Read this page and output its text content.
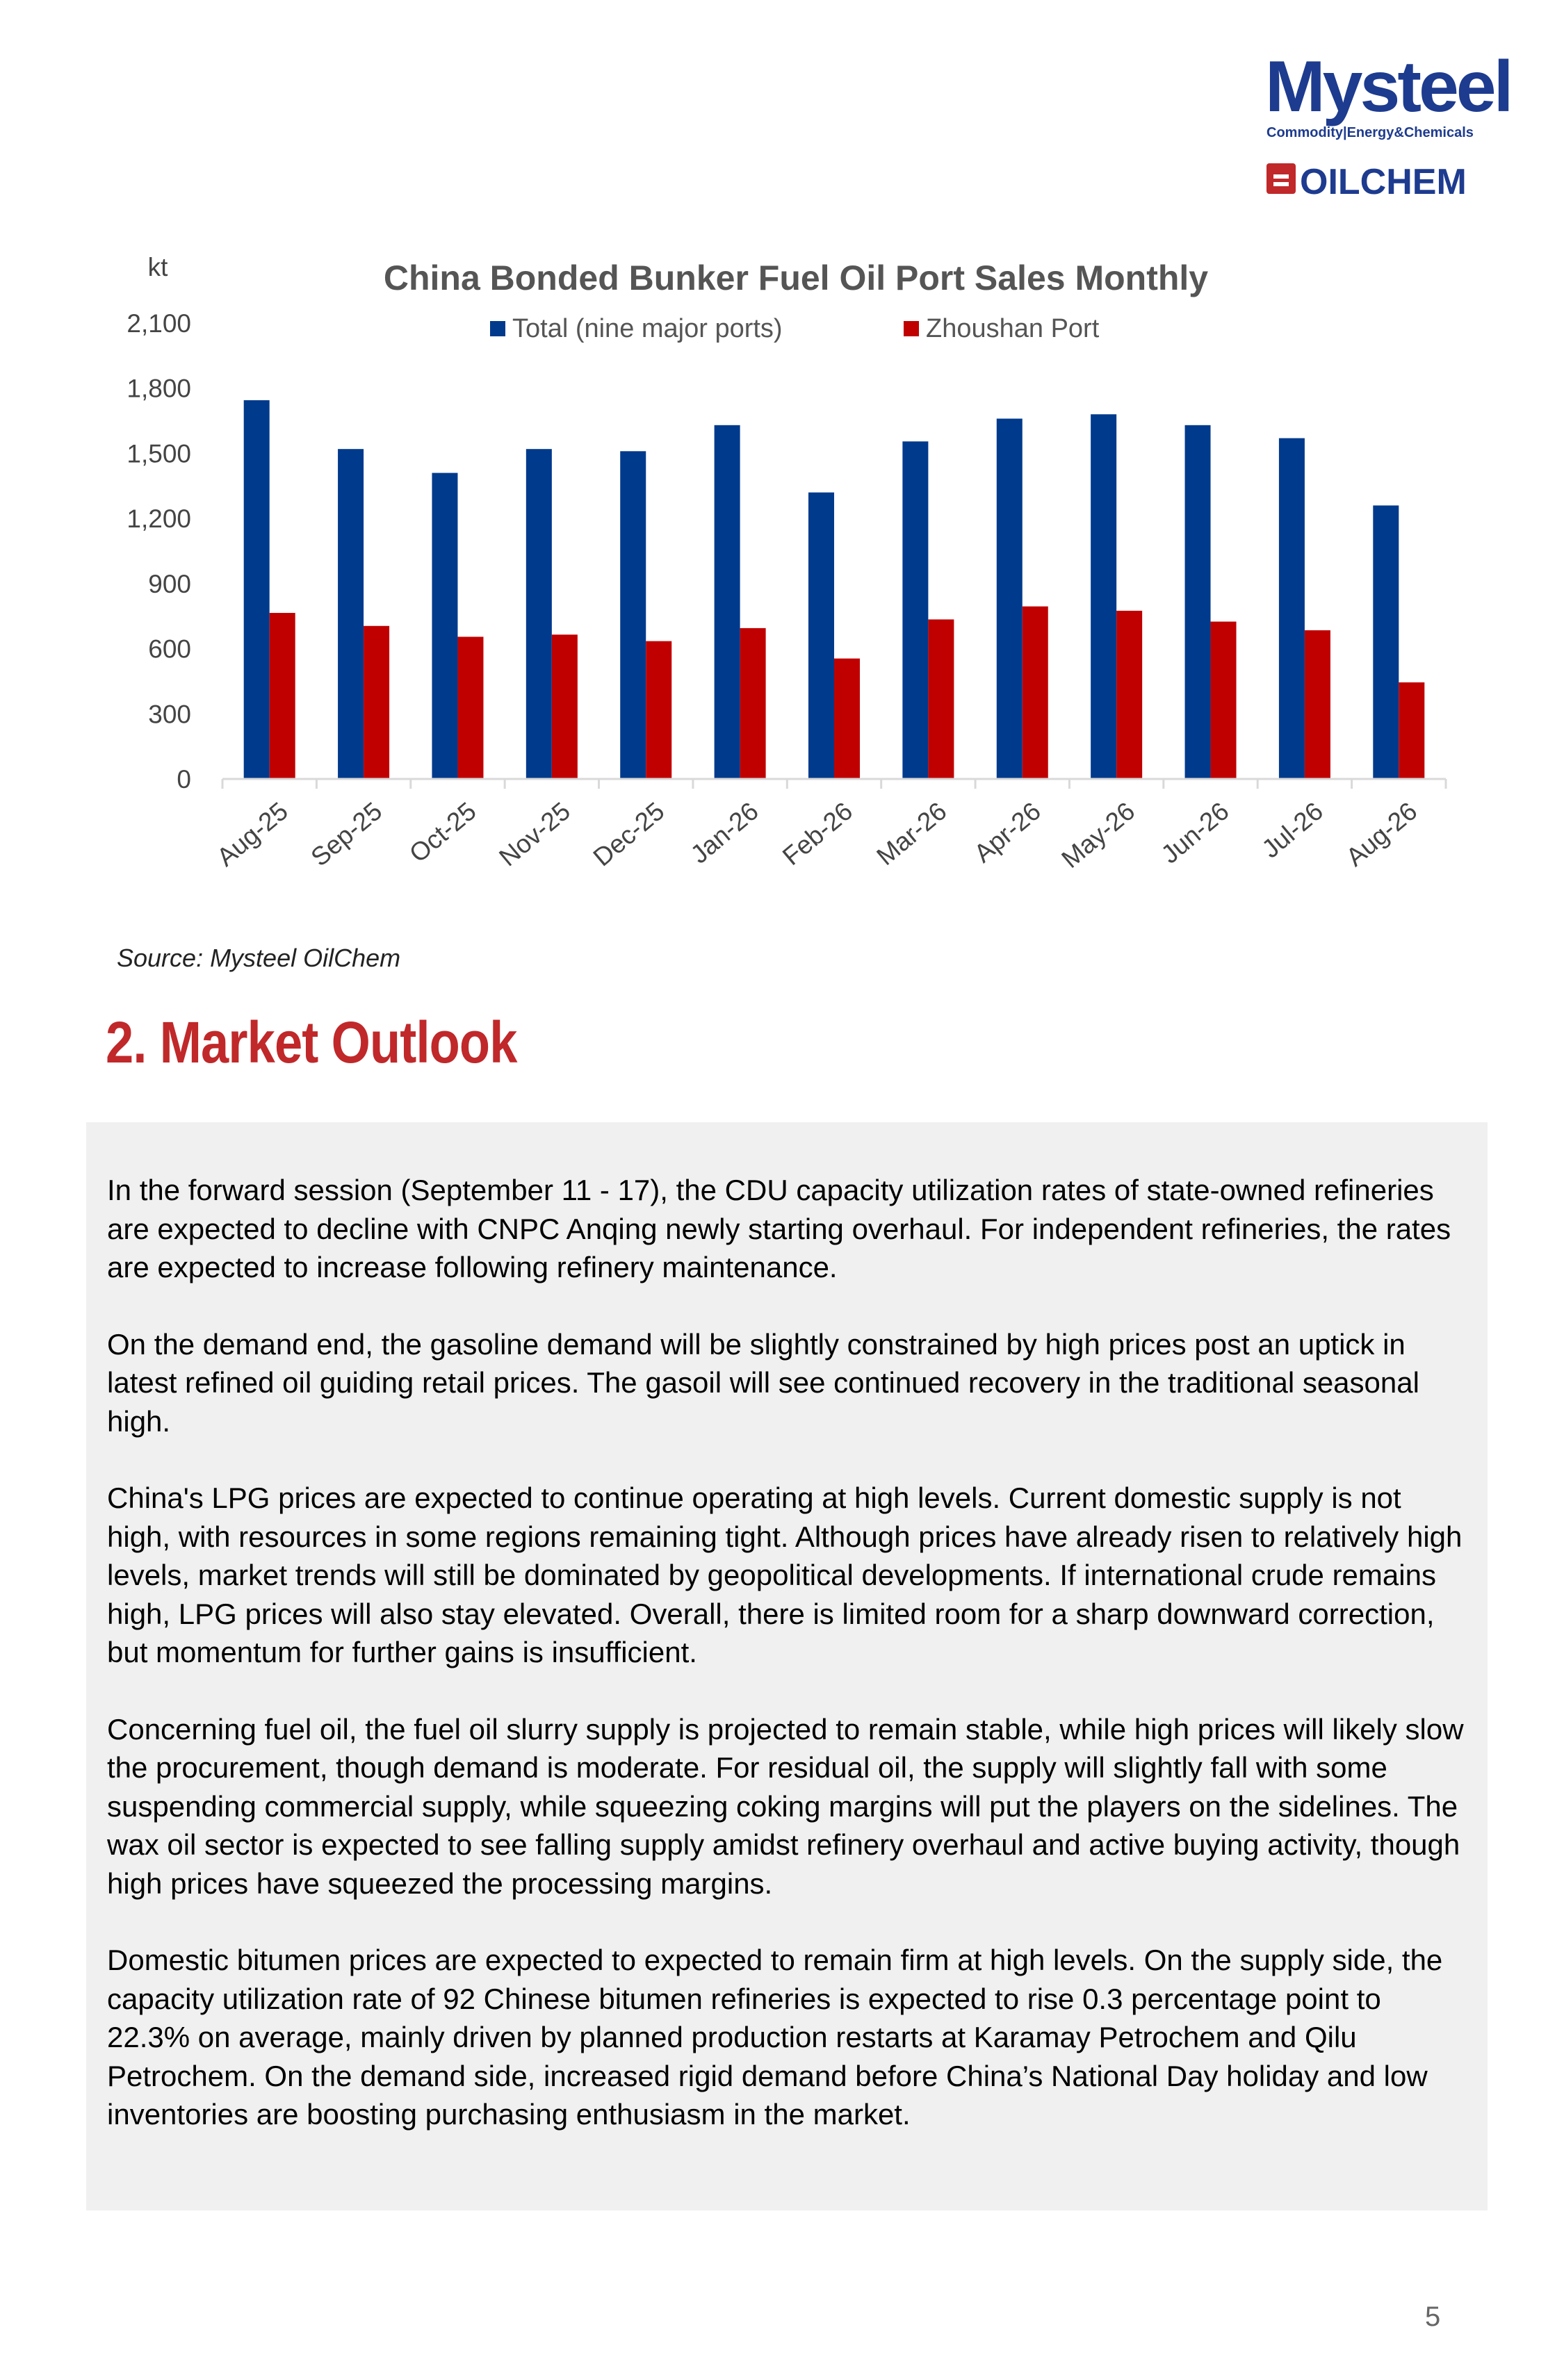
Mysteel
Commodity|Energy&Chemicals
OILCHEM
China Bonded Bunker Fuel Oil Port Sales Monthly
kt
Total (nine major ports)	Zhoushan Port
0
300
600
900
1,200
1,500
1,800
2,100
Aug-25 Sep-25 Oct-25 Nov-25 Dec-25 Jan-26 Feb-26 Mar-26 Apr-26 May-26 Jun-26 Jul-26 Aug-26
Source: Mysteel OilChem
2. Market Outlook

In the forward session (September 11 - 17), the CDU capacity utilization rates of state-owned refineries are expected to decline with CNPC Anqing newly starting overhaul. For independent refineries, the rates are expected to increase following refinery maintenance.

On the demand end, the gasoline demand will be slightly constrained by high prices post an uptick in latest refined oil guiding retail prices. The gasoil will see continued recovery in the traditional seasonal high.

China's LPG prices are expected to continue operating at high levels. Current domestic supply is not high, with resources in some regions remaining tight. Although prices have already risen to relatively high levels, market trends will still be dominated by geopolitical developments. If international crude remains high, LPG prices will also stay elevated. Overall, there is limited room for a sharp downward correction, but momentum for further gains is insufficient.

Concerning fuel oil, the fuel oil slurry supply is projected to remain stable, while high prices will likely slow the procurement, though demand is moderate. For residual oil, the supply will slightly fall with some suspending commercial supply, while squeezing coking margins will put the players on the sidelines. The wax oil sector is expected to see falling supply amidst refinery overhaul and active buying activity, though high prices have squeezed the processing margins.

Domestic bitumen prices are expected to expected to remain firm at high levels. On the supply side, the capacity utilization rate of 92 Chinese bitumen refineries is expected to rise 0.3 percentage point to 22.3% on average, mainly driven by planned production restarts at Karamay Petrochem and Qilu Petrochem. On the demand side, increased rigid demand before China’s National Day holiday and low inventories are boosting purchasing enthusiasm in the market.

5
